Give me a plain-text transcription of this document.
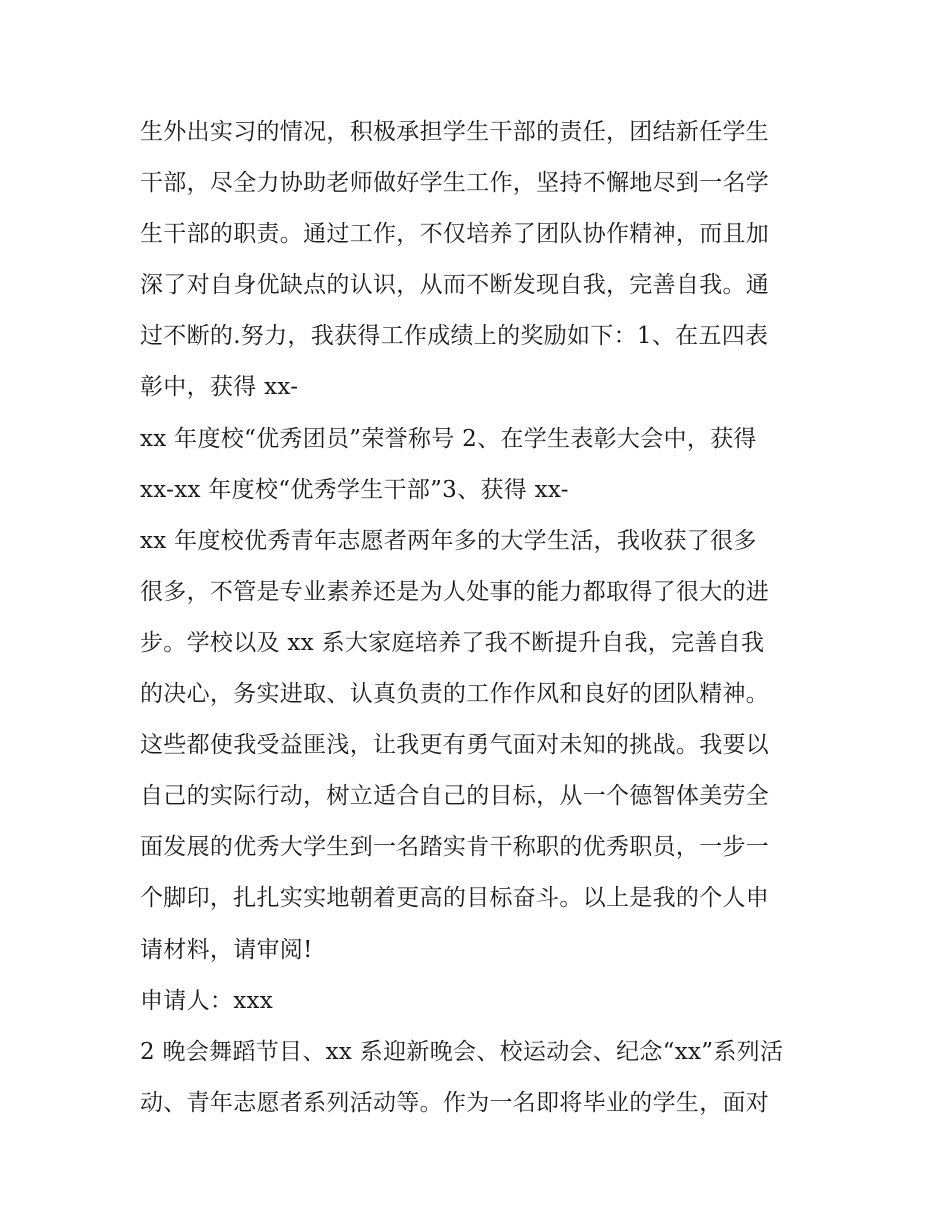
生外出实习的情况，积极承担学生干部的责任，团结新任学生
干部，尽全力协助老师做好学生工作，坚持不懈地尽到一名学
生干部的职责。通过工作，不仅培养了团队协作精神，而且加
深了对自身优缺点的认识，从而不断发现自我，完善自我。通
过不断的.努力，我获得工作成绩上的奖励如下：1、在五四表
彰中，获得 xx-
xx 年度校“优秀团员”荣誉称号 2、在学生表彰大会中，获得
xx-xx 年度校“优秀学生干部”3、获得 xx-
xx 年度校优秀青年志愿者两年多的大学生活，我收获了很多
很多，不管是专业素养还是为人处事的能力都取得了很大的进
步。学校以及 xx 系大家庭培养了我不断提升自我，完善自我
的决心，务实进取、认真负责的工作作风和良好的团队精神。
这些都使我受益匪浅，让我更有勇气面对未知的挑战。我要以
自己的实际行动，树立适合自己的目标，从一个德智体美劳全
面发展的优秀大学生到一名踏实肯干称职的优秀职员，一步一
个脚印，扎扎实实地朝着更高的目标奋斗。以上是我的个人申
请材料，请审阅!
申请人：xxx
2 晚会舞蹈节目、xx 系迎新晚会、校运动会、纪念“xx”系列活
动、青年志愿者系列活动等。作为一名即将毕业的学生，面对
